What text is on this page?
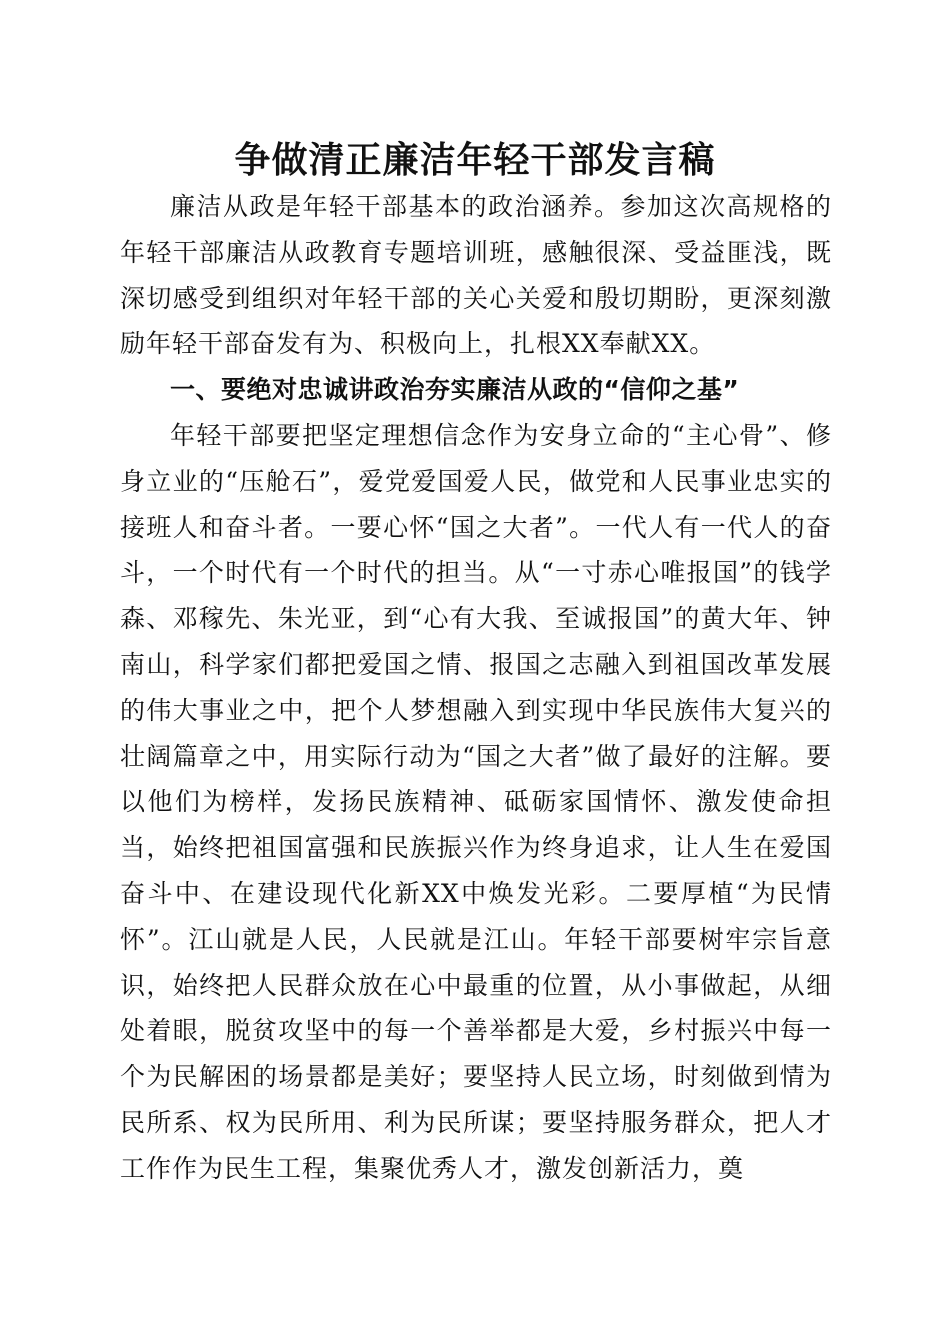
争做清正廉洁年轻干部发言稿

廉洁从政是年轻干部基本的政治涵养。参加这次高规格的年轻干部廉洁从政教育专题培训班，感触很深、受益匪浅，既深切感受到组织对年轻干部的关心关爱和殷切期盼，更深刻激励年轻干部奋发有为、积极向上，扎根XX奉献XX。

一、要绝对忠诚讲政治夯实廉洁从政的“信仰之基”

年轻干部要把坚定理想信念作为安身立命的“主心骨”、修身立业的“压舱石”，爱党爱国爱人民，做党和人民事业忠实的接班人和奋斗者。一要心怀“国之大者”。一代人有一代人的奋斗，一个时代有一个时代的担当。从“一寸赤心唯报国”的钱学森、邓稼先、朱光亚，到“心有大我、至诚报国”的黄大年、钟南山，科学家们都把爱国之情、报国之志融入到祖国改革发展的伟大事业之中，把个人梦想融入到实现中华民族伟大复兴的壮阔篇章之中，用实际行动为“国之大者”做了最好的注解。要以他们为榜样，发扬民族精神、砥砺家国情怀、激发使命担当，始终把祖国富强和民族振兴作为终身追求，让人生在爱国奋斗中、在建设现代化新XX中焕发光彩。二要厚植“为民情怀”。江山就是人民，人民就是江山。年轻干部要树牢宗旨意识，始终把人民群众放在心中最重的位置，从小事做起，从细处着眼，脱贫攻坚中的每一个善举都是大爱，乡村振兴中每一个为民解困的场景都是美好；要坚持人民立场，时刻做到情为民所系、权为民所用、利为民所谋；要坚持服务群众，把人才工作作为民生工程，集聚优秀人才，激发创新活力，奠
